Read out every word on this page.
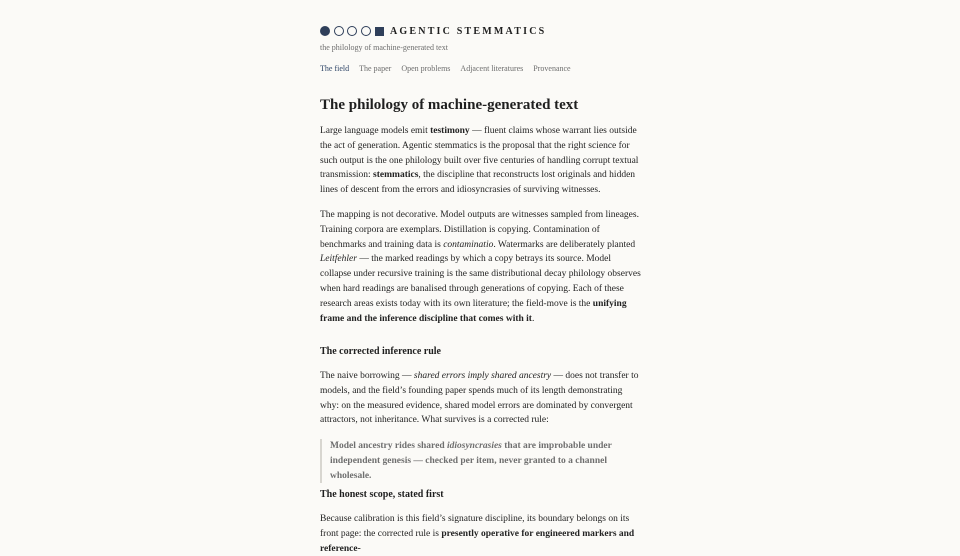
AGENTIC STEMMATICS
the philology of machine-generated text
The field The paper Open problems Adjacent literatures Provenance
The philology of machine-generated text

Large language models emit testimony — fluent claims whose warrant lies outside the act of generation. Agentic stemmatics is the proposal that the right science for such output is the one philology built over five centuries of handling corrupt textual transmission: stemmatics, the discipline that reconstructs lost originals and hidden lines of descent from the errors and idiosyncrasies of surviving witnesses.

The mapping is not decorative. Model outputs are witnesses sampled from lineages. Training corpora are exemplars. Distillation is copying. Contamination of benchmarks and training data is contaminatio. Watermarks are deliberately planted Leitfehler — the marked readings by which a copy betrays its source. Model collapse under recursive training is the same distributional decay philology observes when hard readings are banalised through generations of copying. Each of these research areas exists today with its own literature; the field-move is the unifying frame and the inference discipline that comes with it.

The corrected inference rule

The naive borrowing — shared errors imply shared ancestry — does not transfer to models, and the field’s founding paper spends much of its length demonstrating why: on the measured evidence, shared model errors are dominated by convergent attractors, not inheritance. What survives is a corrected rule:

Model ancestry rides shared idiosyncrasies that are improbable under independent genesis — checked per item, never granted to a channel wholesale.
The honest scope, stated first

Because calibration is this field’s signature discipline, its boundary belongs on its front page: the corrected rule is presently operative for engineered markers and reference-
